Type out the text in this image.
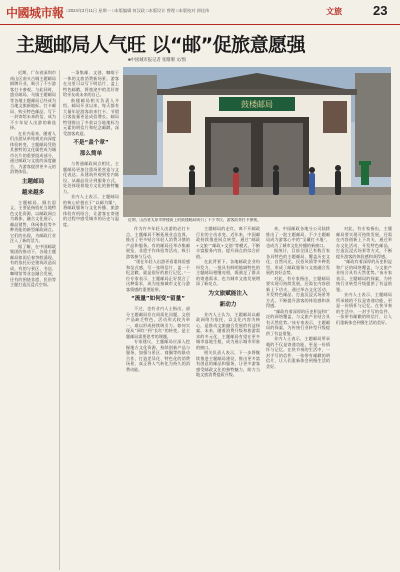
中國城市報 □2024年3月11日 星期一 □本版编辑 何汉政 □本版设计 曾理 □本版校对 郭佳伟	文旅 23
主题邮局人气旺 以“邮”促旅意愿强
■中国城市报记者 张珊珊 文/图
鼓楼邮局
近期，山西省太原市钟楼街上的鼓楼邮局吸引了不少市民、游客前来打卡参观。

近期，广东省深圳市南山区南头古城主题邮局揭牌开业，吸引了不少游客打卡参观。与此同时，盛京邮局、乌镇主题邮局等各地主题邮局已经成为当地文旅新地标。打卡邮局、购买特色邮品、写下一封寄给未来的信，成为不少年轻人出游的新选择。

在业内看来，随着人们出游从单纯观光向深度体验转变，主题邮局凭借其独特的文化属性成为城市名片的重要组成部分，通过邮政与文旅的深度融合，为游客提供更多元的消费体验。

主题邮局
越来越多

主题邮局，顾名思义，主要是指依托当地特色文化资源，以邮政网点为载体，融合文化展示、邮品销售、休闲体验等多种功能的新型邮政网点。它们的出现，为邮政行业注入了新的活力。

据了解，在中国邮政集团的推动下，各地主题邮局如雨后春笋般涌现。有的依托历史建筑改造而成，有的与景区、书店、咖啡馆等业态融合发展，还有的围绕非遗、民俗等主题打造沉浸式空间。

一条集邮、文创、咖啡于一体的文旅消费新场景。游客在这里可以写下明信片、盖上特色邮戳，将旅途中的美好寄给亲友或未来的自己。

鼓楼邮局相关负责人介绍，邮局开业以来，每天都有大量年轻游客前来打卡，节假日客流量更是成倍增长。邮局特别推出了多款以当地地标为元素的明信片和纪念邮戳，深受游客欢迎。

不是“盖个章”
那么简单

与普通邮政网点相比，主题邮局更加注重场景营造与文化表达。从建筑外观到室内陈设，从邮品设计到服务方式，处处体现着地方文化的独特魅力。

业内人士表示，主题邮局的核心价值在于“以邮为媒”，将邮政服务与文化传播、旅游体验有机结合，让游客在寄递的过程中感受城市的历史与温度。

作为许多年轻人出游的必打卡点，主题邮局不断拓展业态边界，推出了更多贴合年轻人消费习惯的产品和服务。有的邮局还举办集邮展览、非遗手作体验等活动，吸引游客参与互动。

“现在年轻人出游更看重体验感和仪式感，写一张明信片、盖一个纪念戳，就是很好的旅行记忆。”一位专家表示，主题邮局正好契合了这种需求，成为连接城市文化与游客情感的重要纽带。

“流量”如何变“留量”

不过，也有业内人士指出，部分主题邮局存在同质化问题，文创产品缺乏特色，活动形式较为单一，难以形成持续吸引力。如何实现从“网红”到“长红”的转变，是主题邮局需要思考的课题。

专家建议，主题邮局应深入挖掘地方文化资源，持续创新产品与服务，加强与景区、商圈等的联动合作，打造差异化、特色化的消费场景，真正将人气转化为持久的消费动能。

主题邮局的走红，离不开邮政行业的主动求变。近年来，中国邮政持续推进网点转型，通过“邮政+文旅”“邮政+文创”等模式，不断丰富服务内容，提升网点的综合价值。

在此背景下，各地邮政企业纷纷发力，一批具有鲜明地域特色的主题邮局相继亮相，既满足了群众的寄递需求，也为城市文旅发展增添了新亮点。

为文旅赋能注入
新动力

业内人士认为，主题邮局以邮政网络为依托，以文化内容为核心，是推动文旅融合发展的有益探索。未来，随着消费升级和旅游需求的多元化，主题邮局有望在更多城市落地生根，成为展示城市形象的窗口。

相关负责人表示，下一步将继续推进主题邮局建设，推出更多富有创意的邮品和服务，让更多游客感受邮政文化的独特魅力，助力当地文旅消费提质升级。

来，中国邮政各地分公司陆续推出了一批主题邮局，不少主题邮局成为游客心中的“宝藏打卡地”，也成为了城市文化传播的新窗口。

据统计，目前全国已有数百家各具特色的主题邮局，覆盖历史文化、自然风光、民俗风情等多种类型，形成了邮政服务与文旅融合发展的良好态势。

对此，有专家指出，主题邮局要实现可持续发展，还需在内容创新上下功夫，通过举办文化活动、开发特色邮品、打造沉浸式场景等方式，不断提升游客的体验感和获得感。

“邮政有着深厚的历史积淀和广泛的网络覆盖，与文旅产业结合具有天然优势。”该专家表示，主题邮局的探索，为传统行业转型升级提供了有益借鉴。

业内人士表示，主题邮局所承载的不仅是寄递功能，更是一份情怀与记忆。在快节奏的生活中，一封手写的信件、一张带有邮戳的明信片，让人们重新体会到慢生活的美好。

对此，有专家指出，主题邮局要实现可持续发展，还需在内容创新上下功夫，通过举办文化活动、开发特色邮品、打造沉浸式场景等方式，不断提升游客的体验感和获得感。

“邮政有着深厚的历史积淀和广泛的网络覆盖，与文旅产业结合具有天然优势。”该专家表示，主题邮局的探索，为传统行业转型升级提供了有益借鉴。

业内人士表示，主题邮局所承载的不仅是寄递功能，更是一份情怀与记忆。在快节奏的生活中，一封手写的信件、一张带有邮戳的明信片，让人们重新体会到慢生活的美好。
